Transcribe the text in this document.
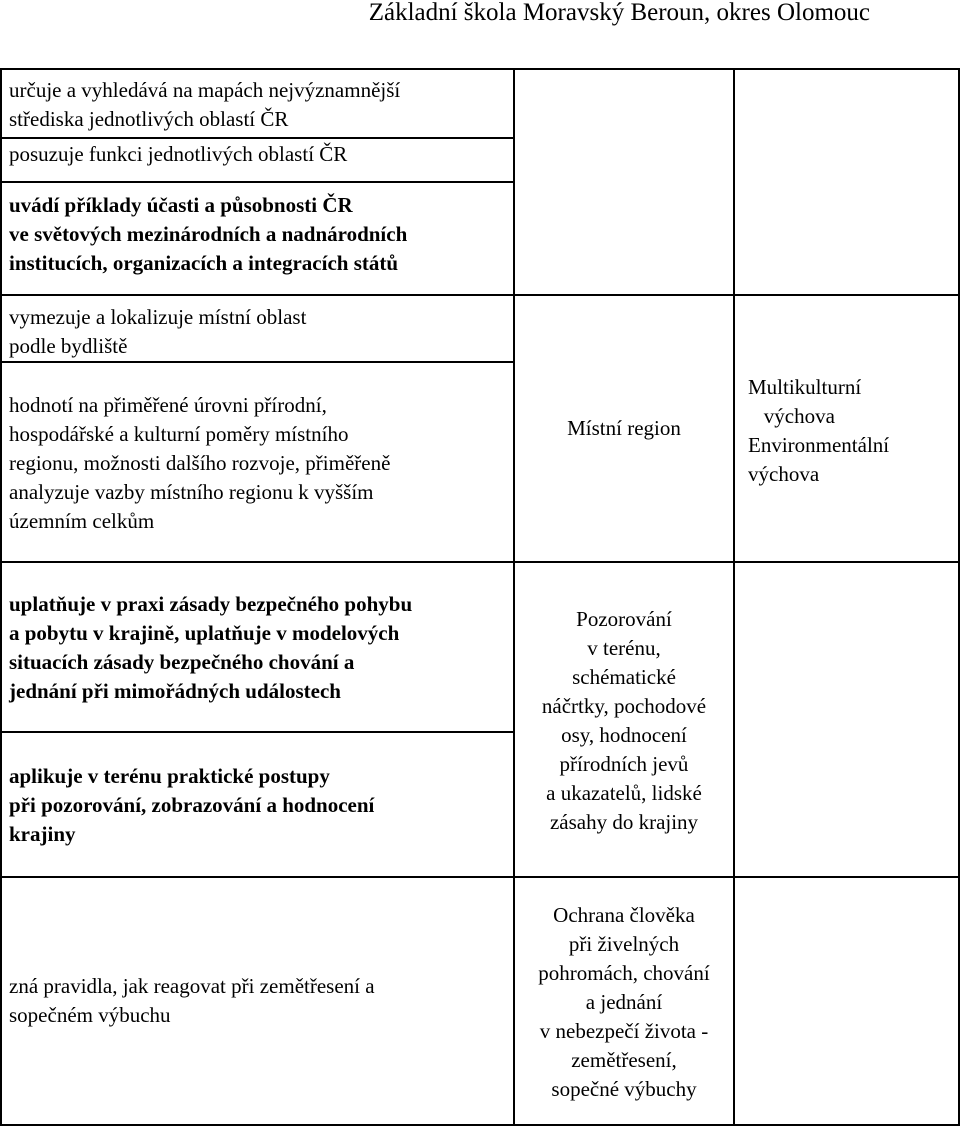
Základní škola Moravský Beroun, okres Olomouc
určuje a vyhledává na mapách nejvýznamnější
střediska jednotlivých oblastí ČR
posuzuje funkci jednotlivých oblastí ČR
uvádí příklady účasti a působnosti ČR
ve světových mezinárodních a nadnárodních
institucích, organizacích a integracích států
vymezuje a lokalizuje místní oblast
podle bydliště
hodnotí na přiměřené úrovni přírodní,
hospodářské a kulturní poměry místního
regionu, možnosti dalšího rozvoje, přiměřeně
analyzuje vazby místního regionu k vyšším
územním celkům
uplatňuje v praxi zásady bezpečného pohybu
a pobytu v krajině, uplatňuje v modelových
situacích zásady bezpečného chování a
jednání při mimořádných událostech
aplikuje v terénu praktické postupy
při pozorování, zobrazování a hodnocení
krajiny
zná pravidla, jak reagovat při zemětřesení a
sopečném výbuchu
Místní region
Pozorování
v terénu,
schématické
náčrtky, pochodové
osy, hodnocení
přírodních jevů
a ukazatelů, lidské
zásahy do krajiny
Ochrana člověka
při živelných
pohromách, chování
a jednání
v nebezpečí života -
zemětřesení,
sopečné výbuchy
Multikulturní
výchova
Environmentální
výchova
